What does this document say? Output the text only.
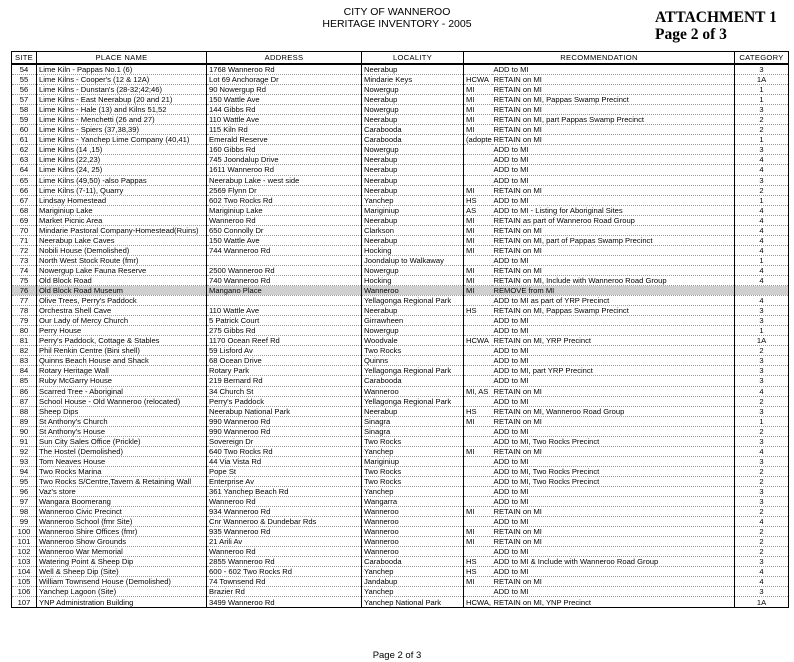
CITY OF WANNEROO
HERITAGE INVENTORY - 2005	ATTACHMENT 1
Page 2 of 3
SITE	PLACE NAME	ADDRESS	LOCALITY	RECOMMENDATION		CATEGORY
54	Lime Kiln - Pappas No.1 (6)	1768 Wanneroo Rd	Neerabup		ADD to MI	3
55	Lime Kilns - Cooper's (12 & 12A)	Lot 69 Anchorage Dr	Mindarie Keys	HCWA	RETAIN on MI	1A
56	Lime Kilns - Dunstan's (28-32;42;46)	90 Nowergup Rd	Nowergup	MI	RETAIN on MI	1
57	Lime Kilns - East Neerabup (20 and 21)	150 Wattle Ave	Neerabup	MI	RETAIN on MI, Pappas Swamp Precinct	1
58	Lime Kilns - Hale (13) and Kilns 51,52	144 Gibbs Rd	Nowergup	MI	RETAIN on MI	3
59	Lime Kilns - Menchetti (26 and 27)	110 Wattle Ave	Neerabup	MI	RETAIN on MI, part Pappas Swamp Precinct	2
60	Lime Kilns - Spiers (37,38,39)	115 Kiln Rd	Carabooda	MI	RETAIN on MI	2
61	Lime Kilns - Yanchep Lime Company (40,41)	Emerald Reserve	Carabooda	(adopte	RETAIN on MI	1
62	Lime Kilns (14 ,15)	160 Gibbs Rd	Nowergup		ADD to MI	3
63	Lime Kilns (22,23)	745 Joondalup Drive	Neerabup		ADD to MI	4
64	Lime Kilns (24, 25)	1611 Wanneroo Rd	Neerabup		ADD to MI	4
65	Lime Kilns (49,50) -also Pappas	Neerabup Lake - west side	Neerabup		ADD to MI	3
66	Lime Kilns (7-11), Quarry	2569 Flynn Dr	Neerabup	MI	RETAIN on MI	2
67	Lindsay Homestead	602 Two Rocks Rd	Yanchep	HS	ADD to MI	1
68	Mariginiup Lake	Mariginiup Lake	Mariginiup	AS	ADD to MI - Listing for Aboriginal Sites	4
69	Market Picnic Area	Wanneroo Rd	Neerabup	MI	RETAIN as part of Wanneroo Road Group	4
70	Mindarie Pastoral Company-Homestead(Ruins)	650 Connolly Dr	Clarkson	MI	RETAIN on MI	4
71	Neerabup Lake Caves	150 Wattle Ave	Neerabup	MI	RETAIN on MI, part of Pappas Swamp Precinct	4
72	Nobili House (Demolished)	744 Wanneroo Rd	Hocking	MI	RETAIN on MI	4
73	North West Stock Route (fmr)		Joondalup to Walkaway		ADD to MI	1
74	Nowergup Lake Fauna Reserve	2500 Wanneroo Rd	Nowergup	MI	RETAIN on MI	4
75	Old Block Road	740 Wanneroo Rd	Hocking	MI	RETAIN on MI, Include with Wanneroo Road Group	4
76	Old Block Road Museum	Mangano Place	Wanneroo	MI	REMOVE from MI	
77	Olive Trees, Perry's Paddock		Yellagonga Regional Park		ADD to MI as part of YRP Precinct	4
78	Orchestra Shell Cave	110 Wattle Ave	Neerabup	HS	RETAIN on MI, Pappas Swamp Precinct	3
79	Our Lady of Mercy Church	5 Patrick Court	Girrawheen		ADD to MI	3
80	Perry House	275 Gibbs Rd	Nowergup		ADD to MI	1
81	Perry's Paddock, Cottage & Stables	1170 Ocean Reef Rd	Woodvale	HCWA	RETAIN on MI, YRP Precinct	1A
82	Phil Renkin Centre (Bini shell)	59 Lisford Av	Two Rocks		ADD to MI	2
83	Quinns Beach House and Shack	68 Ocean Drive	Quinns		ADD to MI	3
84	Rotary Heritage Wall	Rotary Park	Yellagonga Regional Park		ADD to MI, part YRP Precinct	3
85	Ruby McGarry House	219 Bernard Rd	Carabooda		ADD to MI	3
86	Scarred Tree - Aboriginal	34 Church St	Wanneroo	MI, AS	RETAIN on MI	4
87	School House - Old Wanneroo (relocated)	Perry's Paddock	Yellagonga Regional Park		ADD to MI	2
88	Sheep Dips	Neerabup National Park	Neerabup	HS	RETAIN on MI, Wanneroo Road Group	3
89	St Anthony's Church	990 Wanneroo Rd	Sinagra	MI	RETAIN on MI	1
90	St Anthony's House	990 Wanneroo Rd	Sinagra		ADD to MI	2
91	Sun City Sales Office (Prickle)	Sovereign Dr	Two Rocks		ADD to MI, Two Rocks Precinct	3
92	The Hostel (Demolished)	640 Two Rocks Rd	Yanchep	MI	RETAIN on MI	4
93	Tom Neaves House	44 Via Vista Rd	Mariginiup		ADD to MI	3
94	Two Rocks Marina	Pope St	Two Rocks		ADD to MI, Two Rocks Precinct	2
95	Two Rocks S/Centre,Tavern & Retaining Wall	Enterprise Av	Two Rocks		ADD to MI, Two Rocks Precinct	2
96	Vaz's store	361 Yanchep Beach Rd	Yanchep		ADD to MI	3
97	Wangara Boomerang	Wanneroo Rd	Wangarra		ADD to MI	3
98	Wanneroo Civic Precinct	934 Wanneroo Rd	Wanneroo	MI	RETAIN on MI	2
99	Wanneroo School (fmr Site)	Cnr Wanneroo & Dundebar Rds	Wanneroo		ADD to MI	4
100	Wanneroo Shire Offices (fmr)	935 Wanneroo Rd	Wanneroo	MI	RETAIN on MI	2
101	Wanneroo Show Grounds	21 Arili Av	Wanneroo	MI	RETAIN on MI	2
102	Wanneroo War Memorial	Wanneroo Rd	Wanneroo		ADD to MI	2
103	Watering Point & Sheep Dip	2855 Wanneroo Rd	Carabooda	HS	ADD to MI & Include with Wanneroo Road Group	3
104	Well & Sheep Dip (Site)	600 - 602 Two Rocks Rd	Yanchep	HS	ADD to MI	4
105	William Townsend House (Demolished)	74 Townsend Rd	Jandabup	MI	RETAIN on MI	4
106	Yanchep Lagoon (Site)	Brazier Rd	Yanchep		ADD to MI	3
107	YNP Administration Building	3499 Wanneroo Rd	Yanchep National Park	HCWA,	RETAIN on MI, YNP Precinct	1A
Page 2 of 3
